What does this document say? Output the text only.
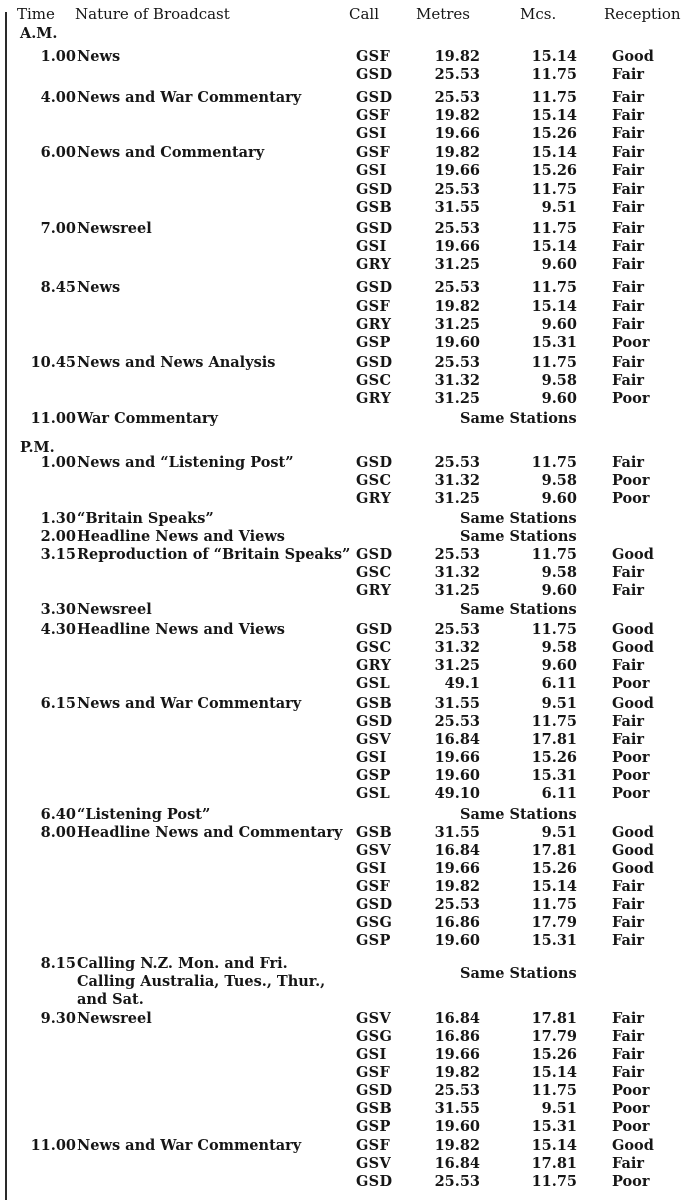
Time Nature of Broadcast	Call Metres	Mcs.	Reception
A.M.
P.M.
1.00 News	GSF	19.82	15.14 Good
GSD	25.53	11.75 Fair
4.00 News and War Commentary	GSD	25.53	11.75 Fair
GSF	19.82	15.14 Fair
GSI	19.66	15.26 Fair
6.00 News and Commentary	GSF	19.82	15.14 Fair
GSI	19.66	15.26 Fair
GSD	25.53	11.75 Fair
GSB	31.55	9.51 Fair
7.00 Newsreel	GSD	25.53	11.75 Fair
GSI	19.66	15.14 Fair
GRY	31.25	9.60 Fair
8.45 News	GSD	25.53	11.75 Fair
GSF	19.82	15.14 Fair
GRY	31.25	9.60 Fair
GSP	19.60	15.31 Poor
10.45 News and News Analysis	GSD	25.53	11.75 Fair
GSC	31.32	9.58 Fair
GRY	31.25	9.60 Poor
11.00 War Commentary	Same Stations
1.00 News and “Listening Post”	GSD	25.53	11.75 Fair
GSC	31.32	9.58 Poor
GRY	31.25	9.60 Poor
1.30 “Britain Speaks”	Same Stations
2.00 Headline News and Views	Same Stations
3.15 Reproduction of “Britain Speaks” GSD	25.53	11.75 Good
GSC	31.32	9.58 Fair
GRY	31.25	9.60 Fair
3.30 Newsreel	Same Stations
4.30 Headline News and Views	GSD	25.53	11.75 Good
GSC	31.32	9.58 Good
GRY	31.25	9.60 Fair
GSL	49.1	6.11 Poor
6.15 News and War Commentary	GSB	31.55	9.51 Good
GSD	25.53	11.75 Fair
GSV	16.84	17.81 Fair
GSI	19.66	15.26 Poor
GSP	19.60	15.31 Poor
GSL	49.10	6.11 Poor
6.40 “Listening Post”	Same Stations
8.00 Headline News and Commentary GSB	31.55	9.51 Good
GSV	16.84	17.81 Good
GSI	19.66	15.26 Good
GSF	19.82	15.14 Fair
GSD	25.53	11.75 Fair
GSG	16.86	17.79 Fair
GSP	19.60	15.31 Fair
8.15 Calling N.Z. Mon. and Fri.
Same Stations
Calling Australia, Tues., Thur.,
and Sat.
9.30 Newsreel	GSV	16.84	17.81 Fair
GSG	16.86	17.79 Fair
GSI	19.66	15.26 Fair
GSF	19.82	15.14 Fair
GSD	25.53	11.75 Poor
GSB	31.55	9.51 Poor
GSP	19.60	15.31 Poor
11.00 News and War Commentary	GSF	19.82	15.14 Good
GSV	16.84	17.81 Fair
GSD	25.53	11.75 Poor
